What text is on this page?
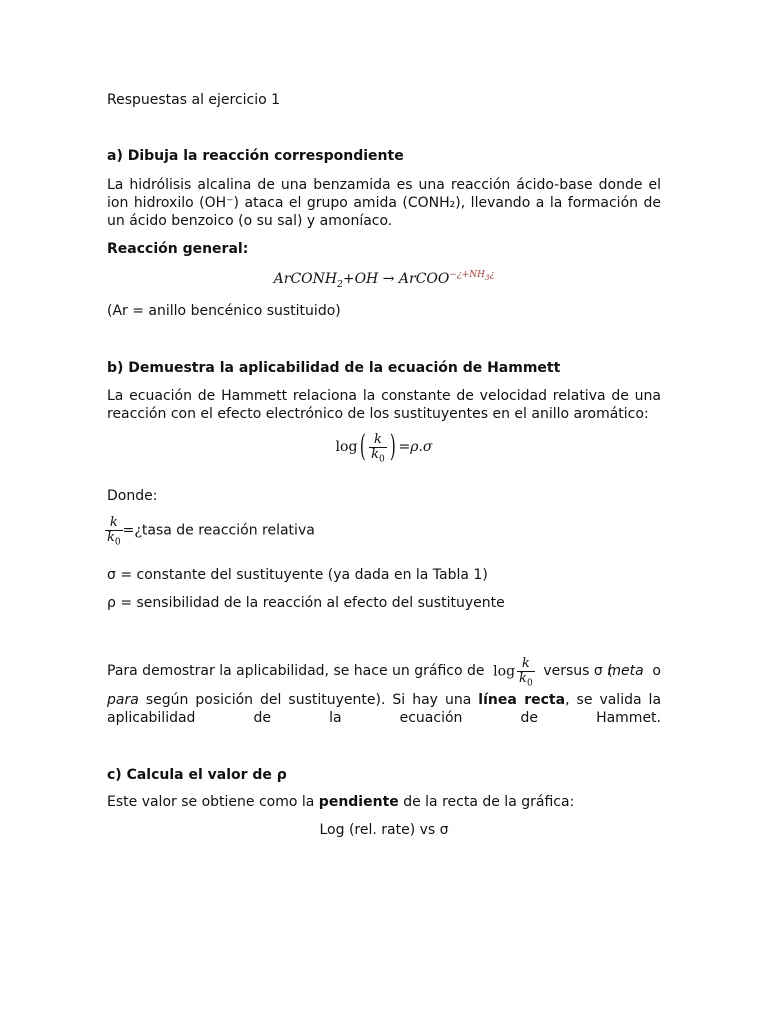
Respuestas al ejercicio 1

a) Dibuja la reacción correspondiente

La hidrólisis alcalina de una benzamida es una reacción ácido-base donde el ion hidroxilo (OH⁻) ataca el grupo amida (CONH₂), llevando a la formación de un ácido benzoico (o su sal) y amoníaco.

Reacción general:

ArCONH$_2$+OH → ArCOO$^{-¿+NH_3¿}$

(Ar = anillo bencénico sustituido)

b) Demuestra la aplicabilidad de la ecuación de Hammett

La ecuación de Hammett relaciona la constante de velocidad relativa de una reacción con el efecto electrónico de los sustituyentes en el anillo aromático:

$\log( \frac{k}{k_0}$ ) =ρ.σ

Donde:

$\frac{k}{k_0}$ =¿tasa de reacción relativa

σ = constante del sustituyente (ya dada en la Tabla 1)

ρ = sensibilidad de la reacción al efecto del sustituyente

Para demostrar la aplicabilidad, se hace un gráfico de $\log \frac{k}{k_0}$ versus σ (
meta o

para según posición del sustituyente). Si hay una línea recta, se valida la aplicabilidad de la ecuación de Hammet.

c) Calcula el valor de ρ

Este valor se obtiene como la pendiente de la recta de la gráfica:

Log (rel. rate) vs σ
